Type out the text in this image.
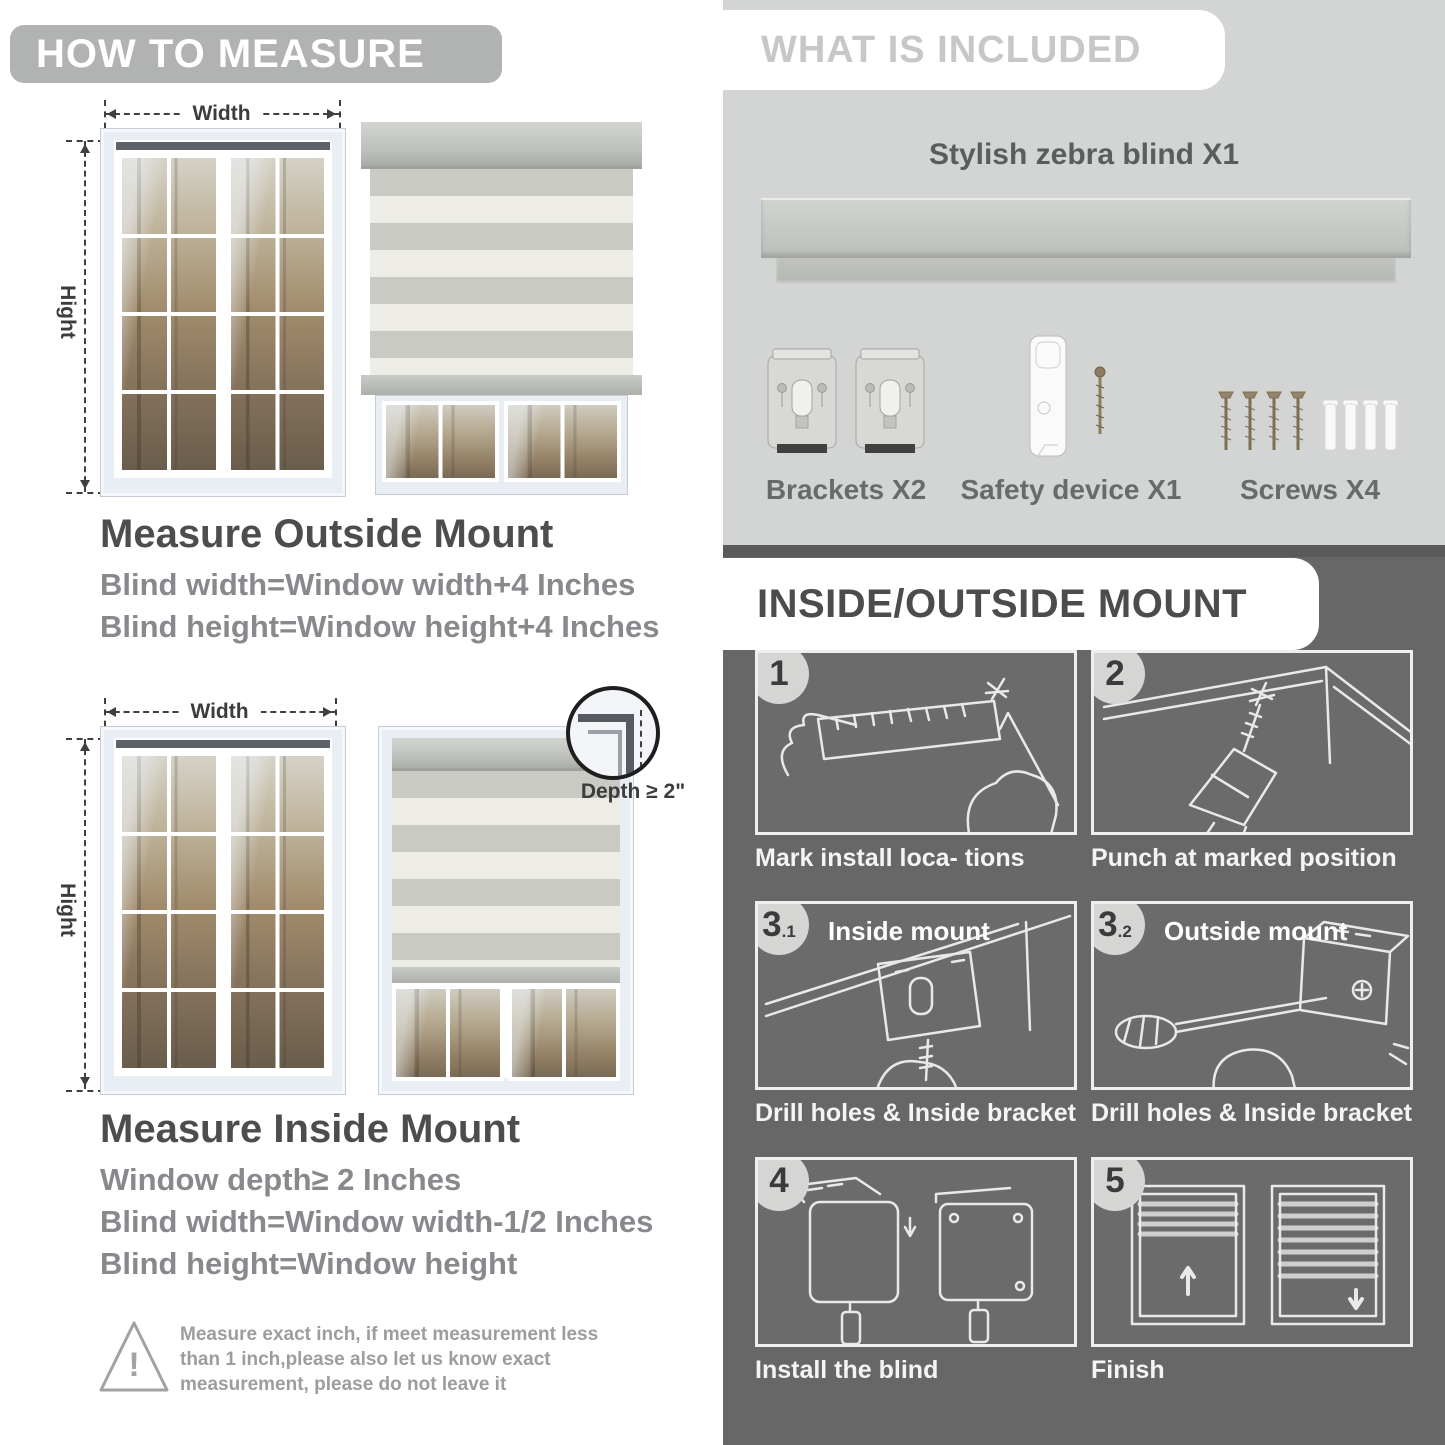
HOW TO MEASURE
Width
Hight
Measure Outside Mount
Blind width=Window width+4 Inches
Blind height=Window height+4 Inches
Width
Hight
Depth ≥ 2"
Measure Inside Mount
Window depth≥ 2 Inches
Blind width=Window width-1/2 Inches
Blind height=Window height
!
Measure exact inch, if meet measurement less
than 1 inch,please also let us know exact
measurement, please do not leave it
WHAT IS INCLUDED
Stylish zebra blind X1
Brackets X2 Safety device X1 Screws X4
INSIDE/OUTSIDE MOUNT
1
Mark install loca- tions
2
Punch at marked position
3 .1 Inside mount
Drill holes & Inside bracket
3 .2 Outside mount
Drill holes & Inside bracket
4
Install the blind
5
Finish
